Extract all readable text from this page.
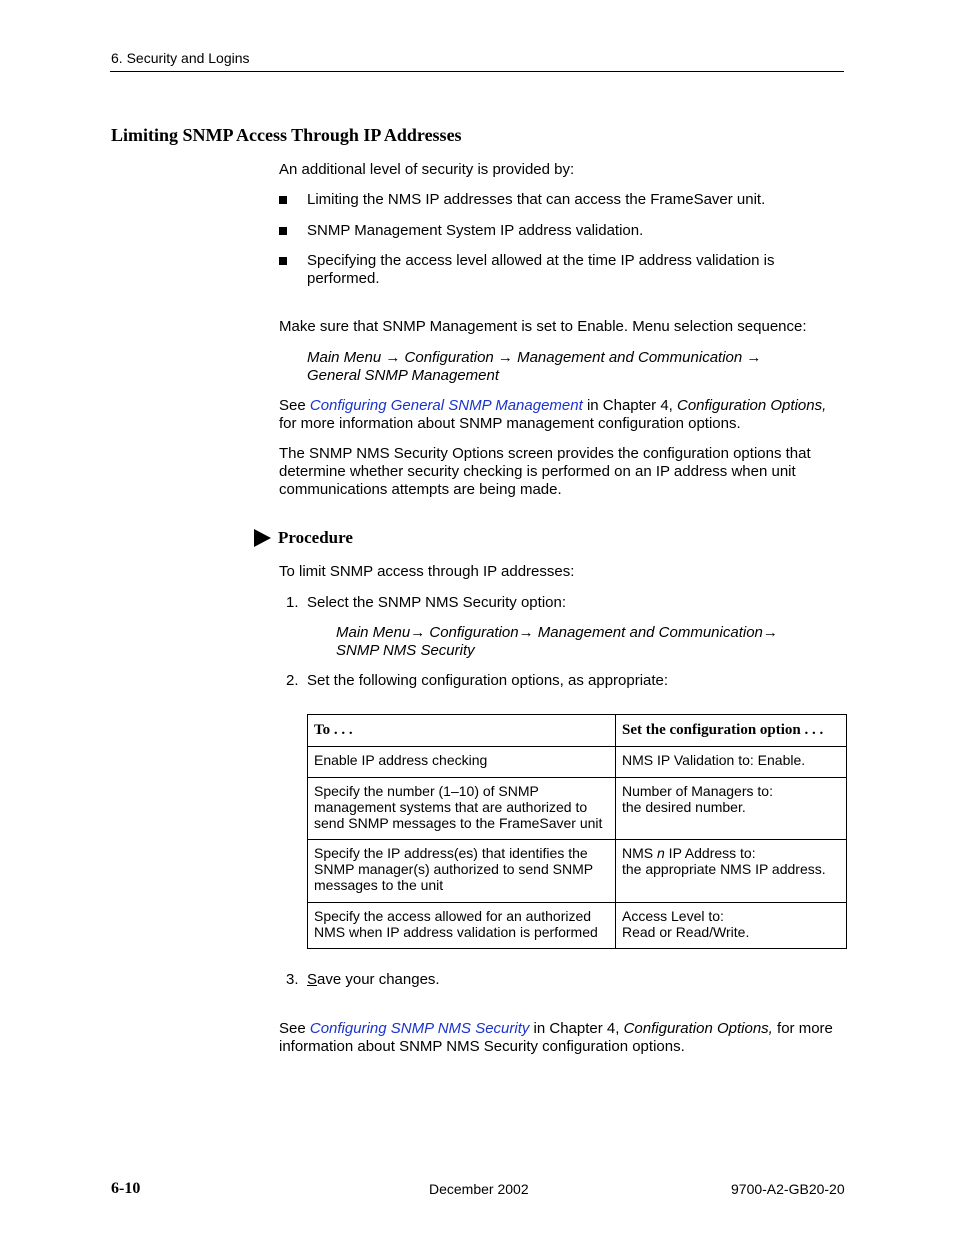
6. Security and Logins
Limiting SNMP Access Through IP Addresses
An additional level of security is provided by:
Limiting the NMS IP addresses that can access the FrameSaver unit.
SNMP Management System IP address validation.
Specifying the access level allowed at the time IP address validation is performed.
Make sure that SNMP Management is set to Enable. Menu selection sequence:
Main Menu → Configuration → Management and Communication →
General SNMP Management
See Configuring General SNMP Management in Chapter 4, Configuration Options, for more information about SNMP management configuration options.
The SNMP NMS Security Options screen provides the configuration options that determine whether security checking is performed on an IP address when unit communications attempts are being made.
Procedure
To limit SNMP access through IP addresses:
1. Select the SNMP NMS Security option:
Main Menu→ Configuration→ Management and Communication→
SNMP NMS Security
2. Set the following configuration options, as appropriate:
To . . .	Set the configuration option . . .
Enable IP address checking	NMS IP Validation to: Enable.

Specify the number (1–10) of SNMP management systems that are authorized to send SNMP messages to the FrameSaver unit	Number of Managers to:
the desired number.

Specify the IP address(es) that identifies the SNMP manager(s) authorized to send SNMP messages to the unit	NMS n IP Address to:
the appropriate NMS IP address.

Specify the access allowed for an authorized NMS when IP address validation is performed	Access Level to:
Read or Read/Write.
3. Save your changes.
See Configuring SNMP NMS Security in Chapter 4, Configuration Options, for more information about SNMP NMS Security configuration options.
6-10	December 2002	9700-A2-GB20-20
